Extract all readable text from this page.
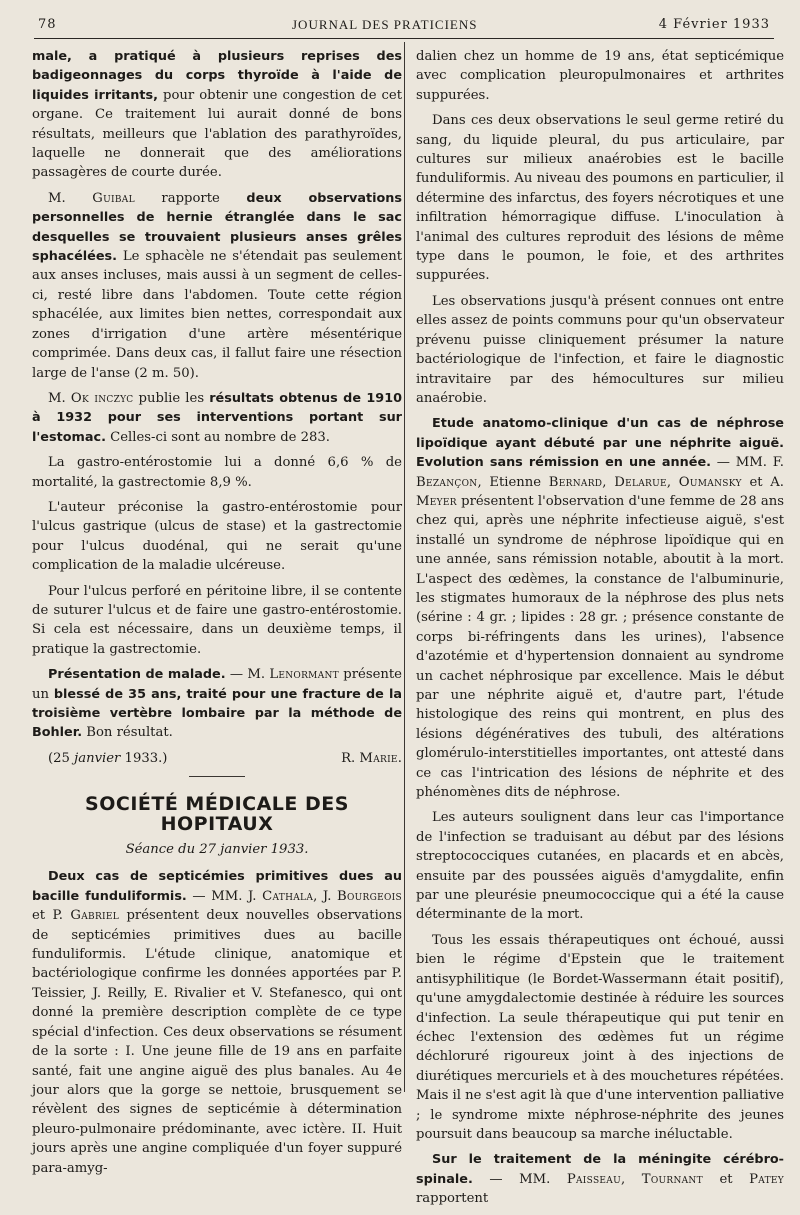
78	JOURNAL DES PRATICIENS	4 Février 1933

male, a pratiqué à plusieurs reprises des badigeonnages du corps thyroïde à l'aide de liquides irritants, pour obtenir une congestion de cet organe. Ce traitement lui aurait donné de bons résultats, meilleurs que l'ablation des parathyroïdes, laquelle ne donnerait que des améliorations passagères de courte durée.

M. Guibal rapporte deux observations personnelles de hernie étranglée dans le sac desquelles se trouvaient plusieurs anses grêles sphacélées. Le sphacèle ne s'étendait pas seulement aux anses incluses, mais aussi à un segment de celles-ci, resté libre dans l'abdomen. Toute cette région sphacélée, aux limites bien nettes, correspondait aux zones d'irrigation d'une artère mésentérique comprimée. Dans deux cas, il fallut faire une résection large de l'anse (2 m. 50).

M. Ok inczyc publie les résultats obtenus de 1910 à 1932 pour ses interventions portant sur l'estomac. Celles-ci sont au nombre de 283.

La gastro-entérostomie lui a donné 6,6 % de mortalité, la gastrectomie 8,9 %.

L'auteur préconise la gastro-entérostomie pour l'ulcus gastrique (ulcus de stase) et la gastrectomie pour l'ulcus duodénal, qui ne serait qu'une complication de la maladie ulcéreuse.

Pour l'ulcus perforé en péritoine libre, il se contente de suturer l'ulcus et de faire une gastro-entérostomie. Si cela est nécessaire, dans un deuxième temps, il pratique la gastrectomie.

Présentation de malade. — M. Lenormant présente un blessé de 35 ans, traité pour une fracture de la troisième vertèbre lombaire par la méthode de Bohler. Bon résultat.

(25 janvier 1933.)	R. Marie.
SOCIÉTÉ MÉDICALE DES HOPITAUX
Séance du 27 janvier 1933.

Deux cas de septicémies primitives dues au bacille funduliformis. — MM. J. Cathala, J. Bourgeois et P. Gabriel présentent deux nouvelles observations de septicémies primitives dues au bacille funduliformis. L'étude clinique, anatomique et bactériologique confirme les données apportées par P. Teissier, J. Reilly, E. Rivalier et V. Stefanesco, qui ont donné la première description complète de ce type spécial d'infection. Ces deux observations se résument de la sorte : I. Une jeune fille de 19 ans en parfaite santé, fait une angine aiguë des plus banales. Au 4e jour alors que la gorge se nettoie, brusquement se révèlent des signes de septicémie à détermination pleuro-pulmonaire prédominante, avec ictère. II. Huit jours après une angine compliquée d'un foyer suppuré para-amyg-

dalien chez un homme de 19 ans, état septicémique avec complication pleuropulmonaires et arthrites suppurées.

Dans ces deux observations le seul germe retiré du sang, du liquide pleural, du pus articulaire, par cultures sur milieux anaérobies est le bacille funduliformis. Au niveau des poumons en particulier, il détermine des infarctus, des foyers nécrotiques et une infiltration hémorragique diffuse. L'inoculation à l'animal des cultures reproduit des lésions de même type dans le poumon, le foie, et des arthrites suppurées.

Les observations jusqu'à présent connues ont entre elles assez de points communs pour qu'un observateur prévenu puisse cliniquement présumer la nature bactériologique de l'infection, et faire le diagnostic intravitaire par des hémocultures sur milieu anaérobie.

Etude anatomo-clinique d'un cas de néphrose lipoïdique ayant débuté par une néphrite aiguë. Evolution sans rémission en une année. — MM. F. Bezançon, Etienne Bernard, Delarue, Oumansky et A. Meyer présentent l'observation d'une femme de 28 ans chez qui, après une néphrite infectieuse aiguë, s'est installé un syndrome de néphrose lipoïdique qui en une année, sans rémission notable, aboutit à la mort. L'aspect des œdèmes, la constance de l'albuminurie, les stigmates humoraux de la néphrose des plus nets (sérine : 4 gr. ; lipides : 28 gr. ; présence constante de corps bi-réfringents dans les urines), l'absence d'azotémie et d'hypertension donnaient au syndrome un cachet néphrosique par excellence. Mais le début par une néphrite aiguë et, d'autre part, l'étude histologique des reins qui montrent, en plus des lésions dégénératives des tubuli, des altérations glomérulo-interstitielles importantes, ont attesté dans ce cas l'intrication des lésions de néphrite et des phénomènes dits de néphrose.

Les auteurs soulignent dans leur cas l'importance de l'infection se traduisant au début par des lésions streptococciques cutanées, en placards et en abcès, ensuite par des poussées aiguës d'amygdalite, enfin par une pleurésie pneumococcique qui a été la cause déterminante de la mort.

Tous les essais thérapeutiques ont échoué, aussi bien le régime d'Epstein que le traitement antisyphilitique (le Bordet-Wassermann était positif), qu'une amygdalectomie destinée à réduire les sources d'infection. La seule thérapeutique qui put tenir en échec l'extension des œdèmes fut un régime déchloruré rigoureux joint à des injections de diurétiques mercuriels et à des mouchetures répétées. Mais il ne s'est agit là que d'une intervention palliative ; le syndrome mixte néphrose-néphrite des jeunes poursuit dans beaucoup sa marche inéluctable.

Sur le traitement de la méningite cérébro-spinale. — MM. Paisseau, Tournant et Patey rapportent
